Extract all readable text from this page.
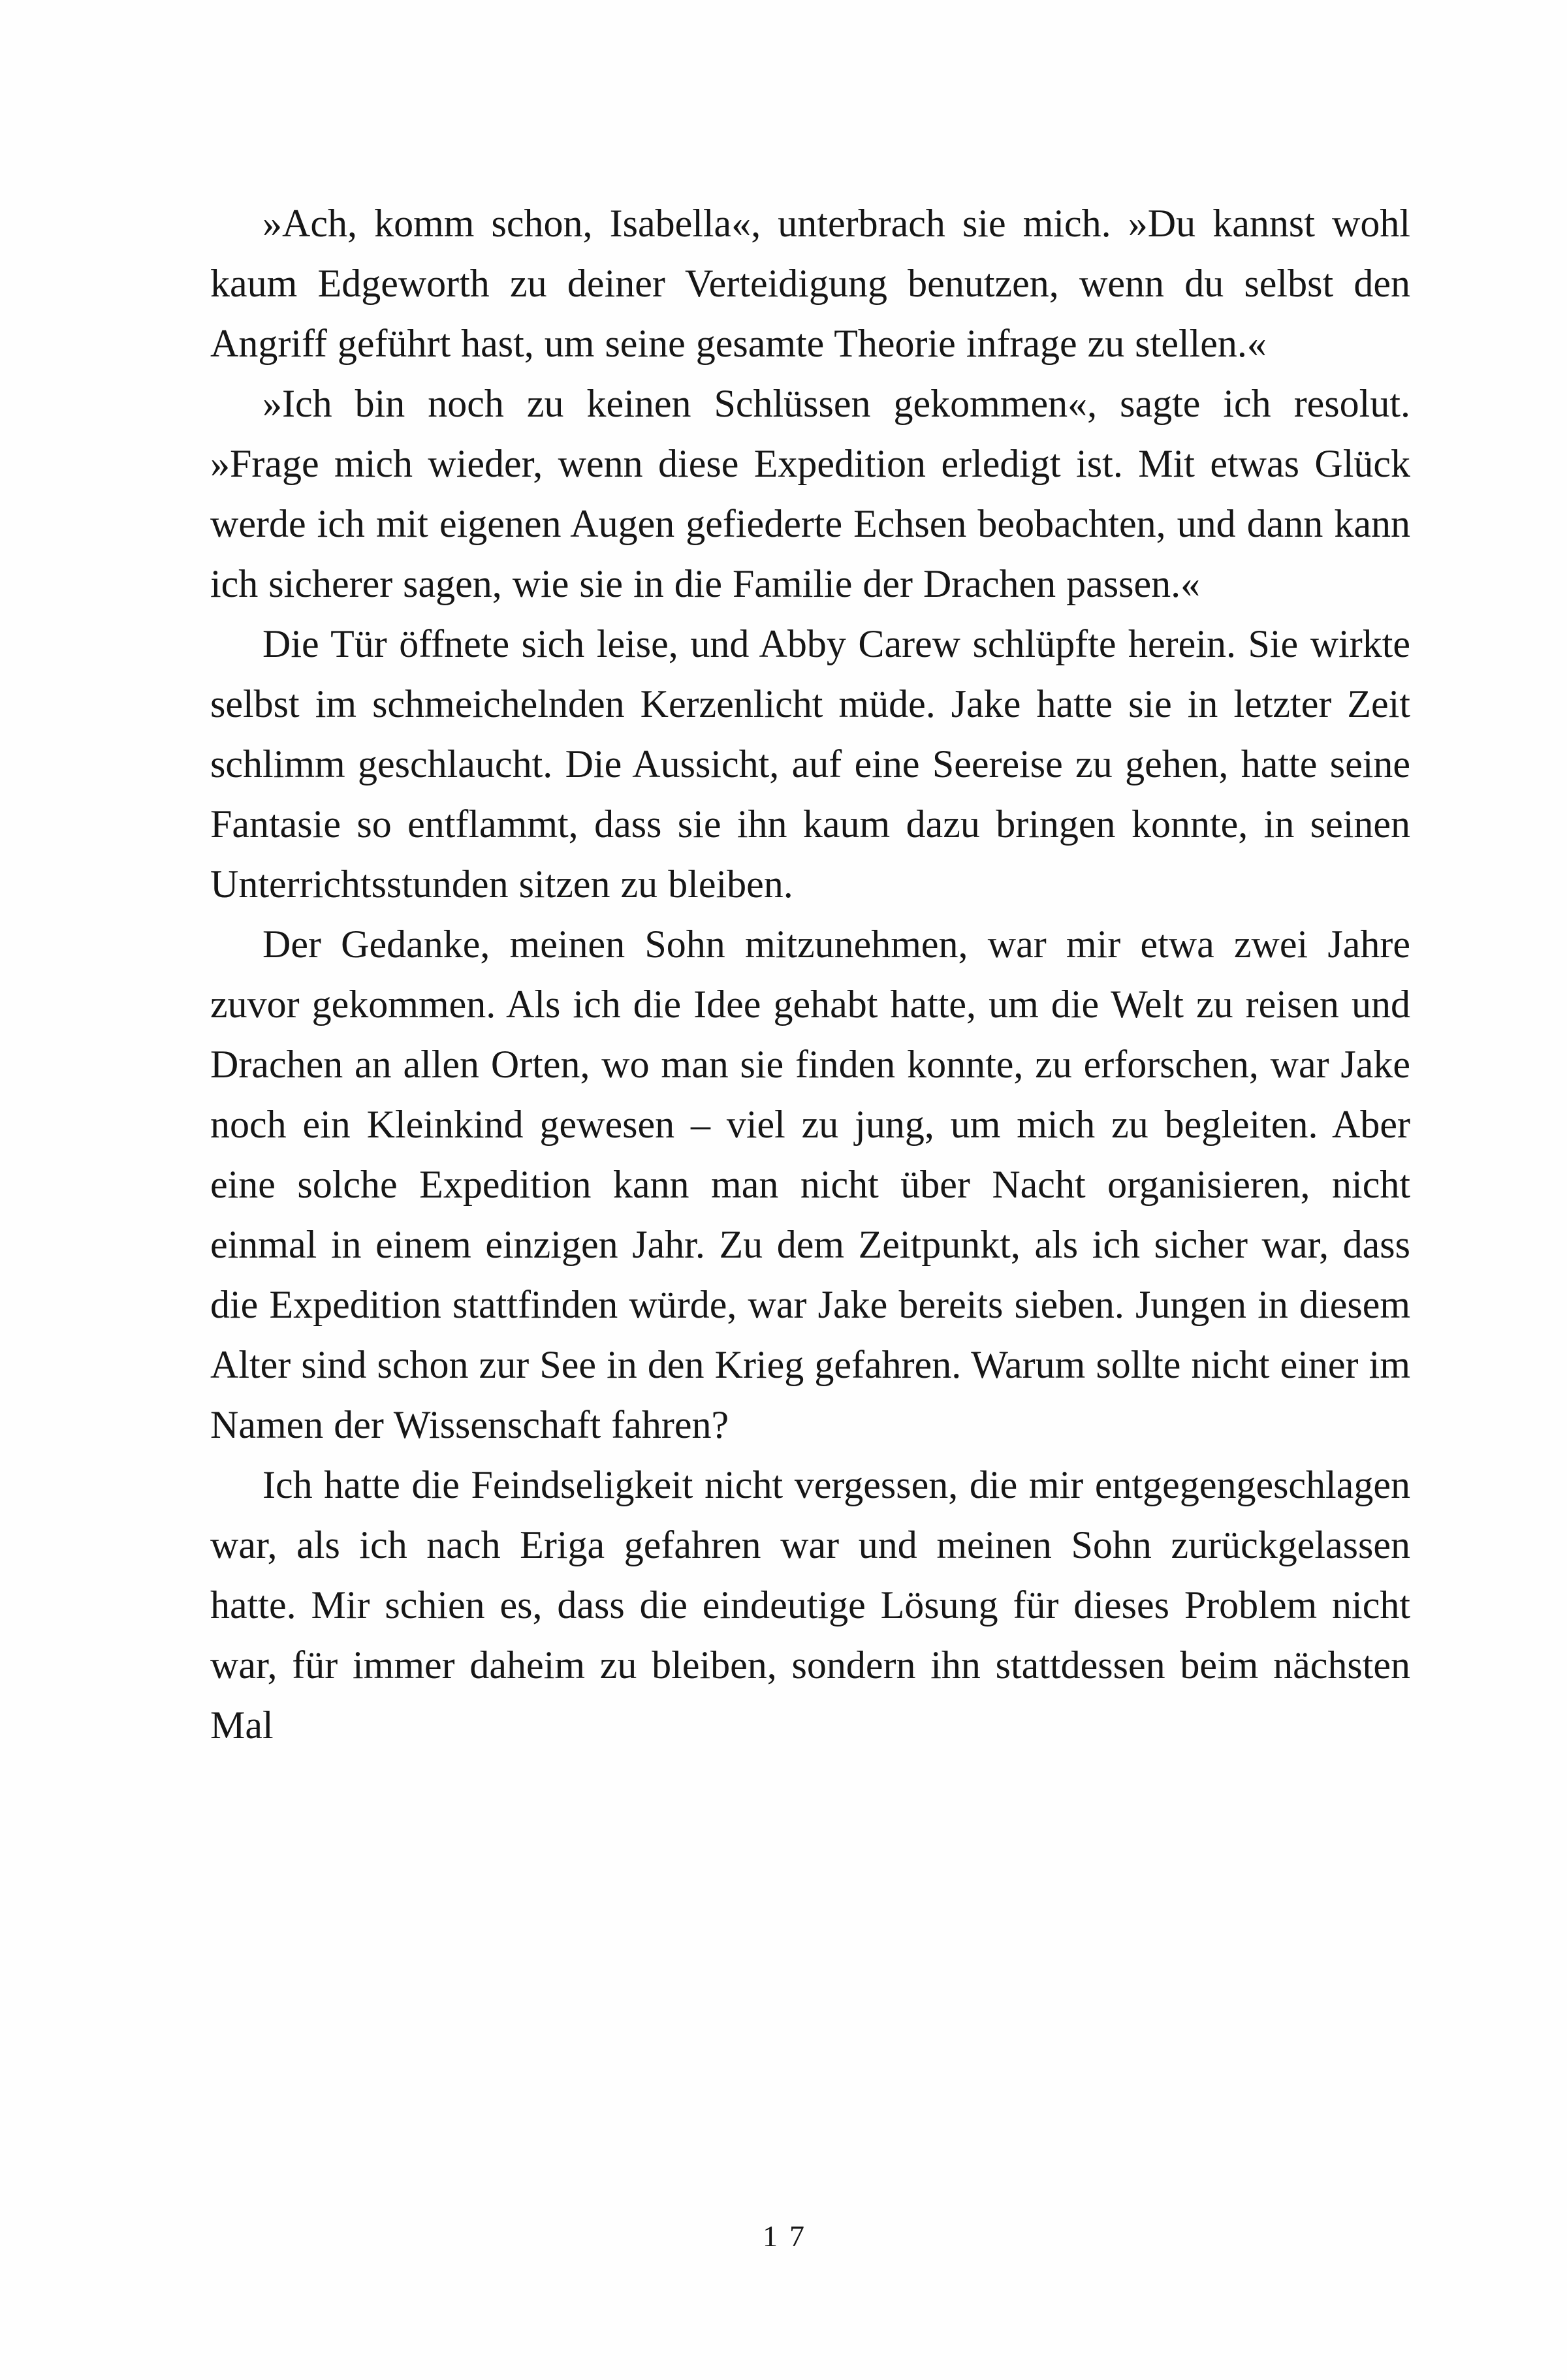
»Ach, komm schon, Isabella«, unterbrach sie mich. »Du kannst wohl kaum Edgeworth zu deiner Verteidigung benutzen, wenn du selbst den Angriff geführt hast, um seine gesamte Theorie infrage zu stellen.«

»Ich bin noch zu keinen Schlüssen gekommen«, sagte ich resolut. »Frage mich wieder, wenn diese Expedition erledigt ist. Mit etwas Glück werde ich mit eigenen Augen gefiederte Echsen beobachten, und dann kann ich sicherer sagen, wie sie in die Familie der Drachen passen.«

Die Tür öffnete sich leise, und Abby Carew schlüpfte herein. Sie wirkte selbst im schmeichelnden Kerzenlicht müde. Jake hatte sie in letzter Zeit schlimm geschlaucht. Die Aussicht, auf eine Seereise zu gehen, hatte seine Fantasie so entflammt, dass sie ihn kaum dazu bringen konnte, in seinen Unterrichtsstunden sitzen zu bleiben.

Der Gedanke, meinen Sohn mitzunehmen, war mir etwa zwei Jahre zuvor gekommen. Als ich die Idee gehabt hatte, um die Welt zu reisen und Drachen an allen Orten, wo man sie finden konnte, zu erforschen, war Jake noch ein Kleinkind gewesen – viel zu jung, um mich zu begleiten. Aber eine solche Expedition kann man nicht über Nacht organisieren, nicht einmal in einem einzigen Jahr. Zu dem Zeitpunkt, als ich sicher war, dass die Expedition stattfinden würde, war Jake bereits sieben. Jungen in diesem Alter sind schon zur See in den Krieg gefahren. Warum sollte nicht einer im Namen der Wissenschaft fahren?

Ich hatte die Feindseligkeit nicht vergessen, die mir entgegengeschlagen war, als ich nach Eriga gefahren war und meinen Sohn zurückgelassen hatte. Mir schien es, dass die eindeutige Lösung für dieses Problem nicht war, für immer daheim zu bleiben, sondern ihn stattdessen beim nächsten Mal

17
